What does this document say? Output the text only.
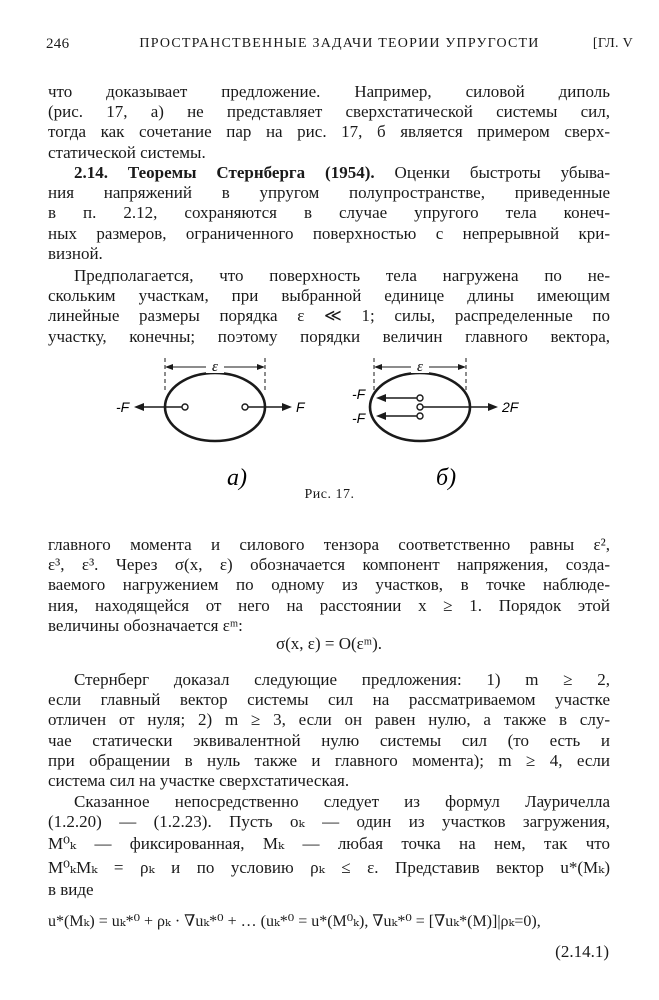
246	ПРОСТРАНСТВЕННЫЕ ЗАДАЧИ ТЕОРИИ УПРУГОСТИ	[ГЛ. V
что доказывает предложение. Например, силовой диполь
(рис. 17, а) не представляет сверхстатической системы сил,
тогда как сочетание пар на рис. 17, б является примером сверх-
статической системы.
2.14. Теоремы Стернберга (1954). Оценки быстроты убыва-
ния напряжений в упругом полупространстве, приведенные
в п. 2.12, сохраняются в случае упругого тела конеч-
ных размеров, ограниченного поверхностью с непрерывной кри-
визной.
Предполагается, что поверхность тела нагружена по не-
скольким участкам, при выбранной единице длины имеющим
линейные размеры порядка ε ≪ 1; силы, распределенные по
участку, конечны; поэтому порядки величин главного вектора,
ε
-F	F
а)
ε
-F
-F
2F
б)
Рис. 17.
главного момента и силового тензора соответственно равны ε²,
ε³, ε³. Через σ(x, ε) обозначается компонент напряжения, созда-
ваемого нагружением по одному из участков, в точке наблюде-
ния, находящейся от него на расстоянии x ≥ 1. Порядок этой
величины обозначается εᵐ:
σ(x, ε) = O(εᵐ).
Стернберг доказал следующие предложения: 1) m ≥ 2,
если главный вектор системы сил на рассматриваемом участке
отличен от нуля; 2) m ≥ 3, если он равен нулю, а также в слу-
чае статически эквивалентной нулю системы сил (то есть и
при обращении в нуль также и главного момента); m ≥ 4, если
система сил на участке сверхстатическая.
Сказанное непосредственно следует из формул Лауричелла
(1.2.20) — (1.2.23). Пусть oₖ — один из участков загружения,
M⁰ₖ — фиксированная, Mₖ — любая точка на нем, так что
M⁰ₖMₖ = ρₖ и по условию ρₖ ≤ ε. Представив вектор u*(Mₖ)
в виде
u*(Mₖ) = uₖ*⁰ + ρₖ · ∇uₖ*⁰ + … (uₖ*⁰ = u*(M⁰ₖ), ∇uₖ*⁰ = [∇uₖ*(M)]|ρₖ=0),
(2.14.1)
